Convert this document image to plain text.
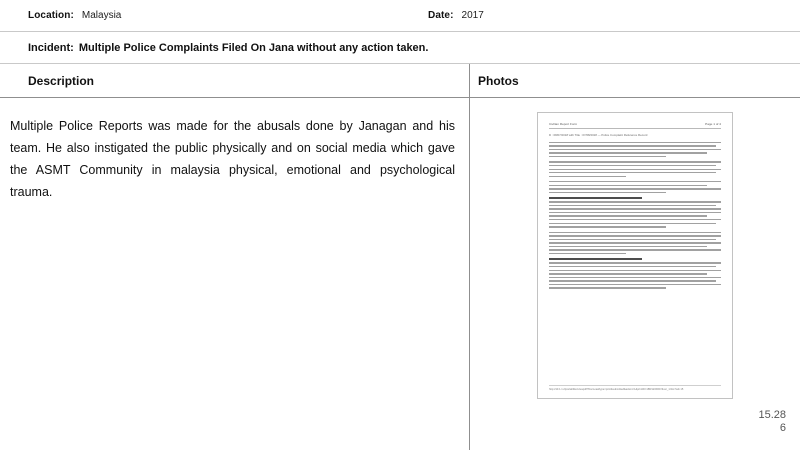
Location: Malaysia	Date: 2017
Incident: Multiple Police Complaints Filed On Jana without any action taken.
Description	Photos

Multiple Police Reports was made for the abusals done by Janagan and his team. He also instigated the public physically and on social media which gave the ASMT Community in malaysia physical, emotional and psychological trauma.

Civilian Report Form	Page 1 of 4
D : 08/07/2018 with Title : 07/08/2018 — Police Complaint Reference Record
http://10.1.1.2/portal/Rec/viewpdf?DocLoad/type=print&submitted&action=1&printID=188/12/06/07&ver_1 Rel Sub 15
15.28
6
